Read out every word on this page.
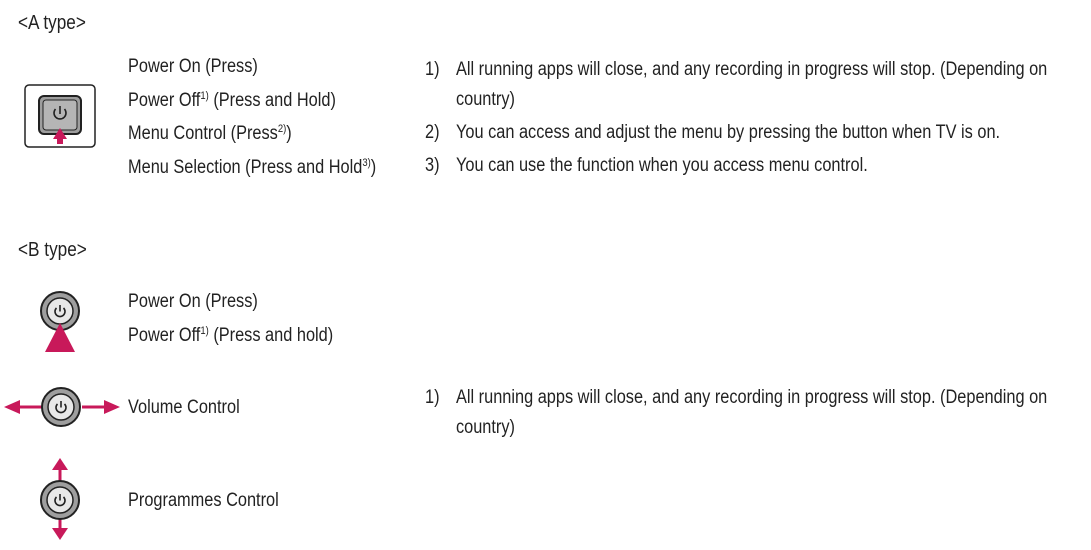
<A type>
Power On (Press)
Power Off$^{1)}$ (Press and Hold)
Menu Control (Press$^{2)}$)
Menu Selection (Press and Hold$^{3)}$)
1) All running apps will close, and any recording in progress will stop. (Depending on
country)
2) You can access and adjust the menu by pressing the button when TV is on.
3) You can use the function when you access menu control.
<B type>
Power On (Press)
Power Off$^{1)}$ (Press and hold)
Volume Control	1) All running apps will close, and any recording in progress will stop. (Depending on
country)
Programmes Control
